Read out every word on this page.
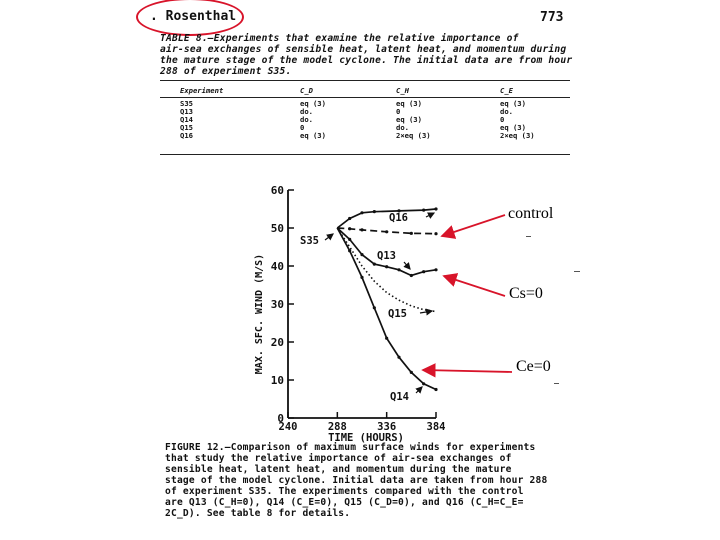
. Rosenthal	773
TABLE 8.—Experiments that examine the relative importance of
air-sea exchanges of sensible heat, latent heat, and momentum during
the mature stage of the model cyclone. The initial data are from hour
288 of experiment S35.
Experiment	C_D	C_H	C_E
S35	eq (3)	eq (3)	eq (3)
Q13	do.	0	do.
Q14	do.	eq (3)	0
Q15	0	do.	eq (3)
Q16	eq (3)	2×eq (3)	2×eq (3)
0
10
20
30
40
50
60
240	288	336	384
TIME (HOURS)
MAX. SFC. WIND (M/S)
Q16
S35
Q13
Q15
Q14
control
Cs=0
Ce=0
FIGURE 12.—Comparison of maximum surface winds for experiments
that study the relative importance of air-sea exchanges of
sensible heat, latent heat, and momentum during the mature
stage of the model cyclone. Initial data are taken from hour 288
of experiment S35. The experiments compared with the control
are Q13 (C_H=0), Q14 (C_E=0), Q15 (C_D=0), and Q16 (C_H=C_E=
2C_D). See table 8 for details.
